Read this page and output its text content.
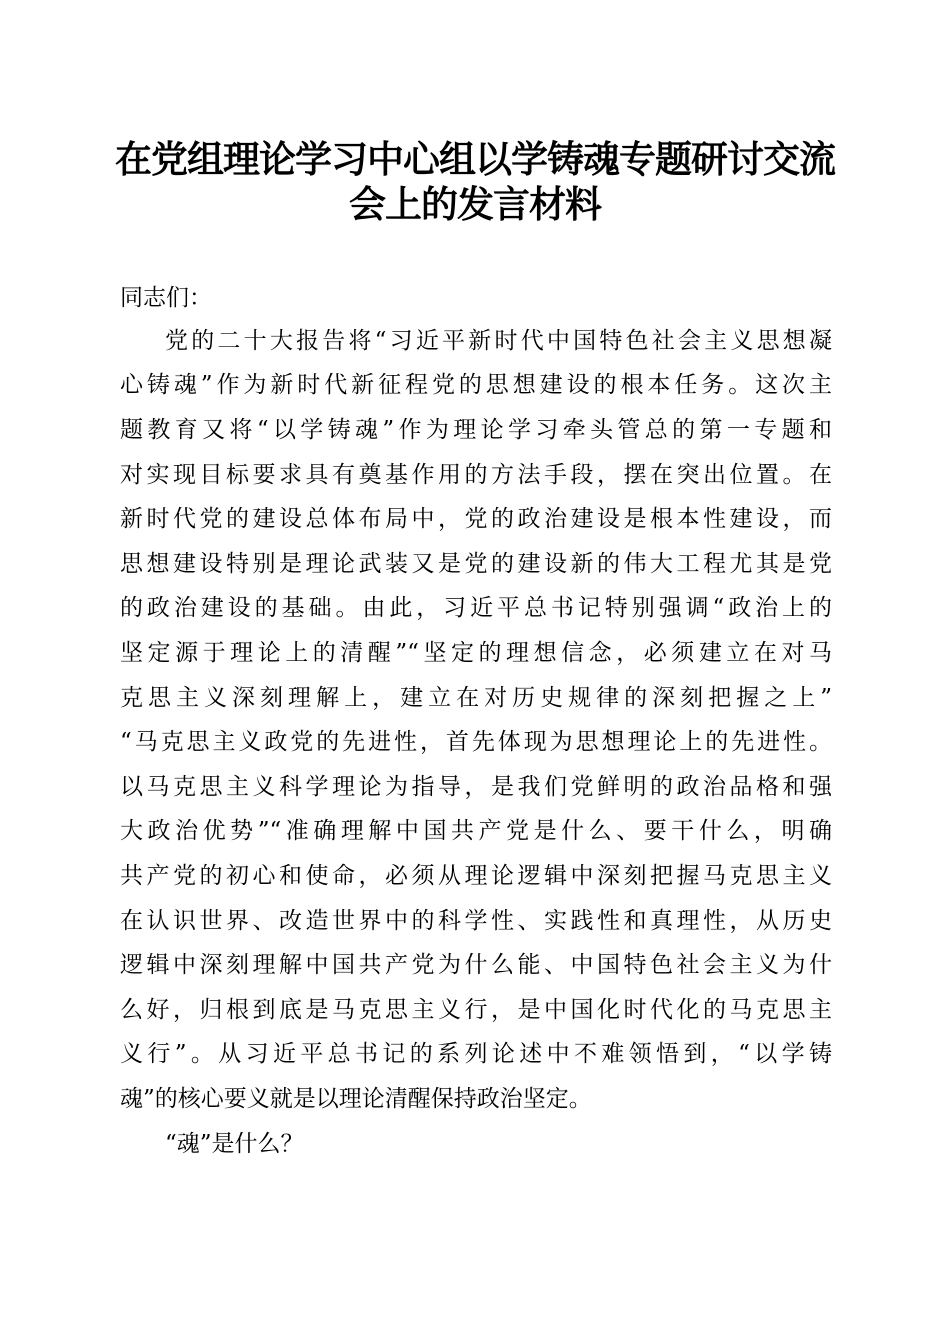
在党组理论学习中心组以学铸魂专题研讨交流
会上的发言材料
同志们：
党的二十大报告将“习近平新时代中国特色社会主义思想凝
心铸魂”作为新时代新征程党的思想建设的根本任务。这次主
题教育又将“以学铸魂”作为理论学习牵头管总的第一专题和
对实现目标要求具有奠基作用的方法手段，摆在突出位置。在
新时代党的建设总体布局中，党的政治建设是根本性建设，而
思想建设特别是理论武装又是党的建设新的伟大工程尤其是党
的政治建设的基础。由此，习近平总书记特别强调“政治上的
坚定源于理论上的清醒”“坚定的理想信念，必须建立在对马
克思主义深刻理解上，建立在对历史规律的深刻把握之上”
“马克思主义政党的先进性，首先体现为思想理论上的先进性。
以马克思主义科学理论为指导，是我们党鲜明的政治品格和强
大政治优势”“准确理解中国共产党是什么、要干什么，明确
共产党的初心和使命，必须从理论逻辑中深刻把握马克思主义
在认识世界、改造世界中的科学性、实践性和真理性，从历史
逻辑中深刻理解中国共产党为什么能、中国特色社会主义为什
么好，归根到底是马克思主义行，是中国化时代化的马克思主
义行”。从习近平总书记的系列论述中不难领悟到，“以学铸
魂”的核心要义就是以理论清醒保持政治坚定。
“魂”是什么？
